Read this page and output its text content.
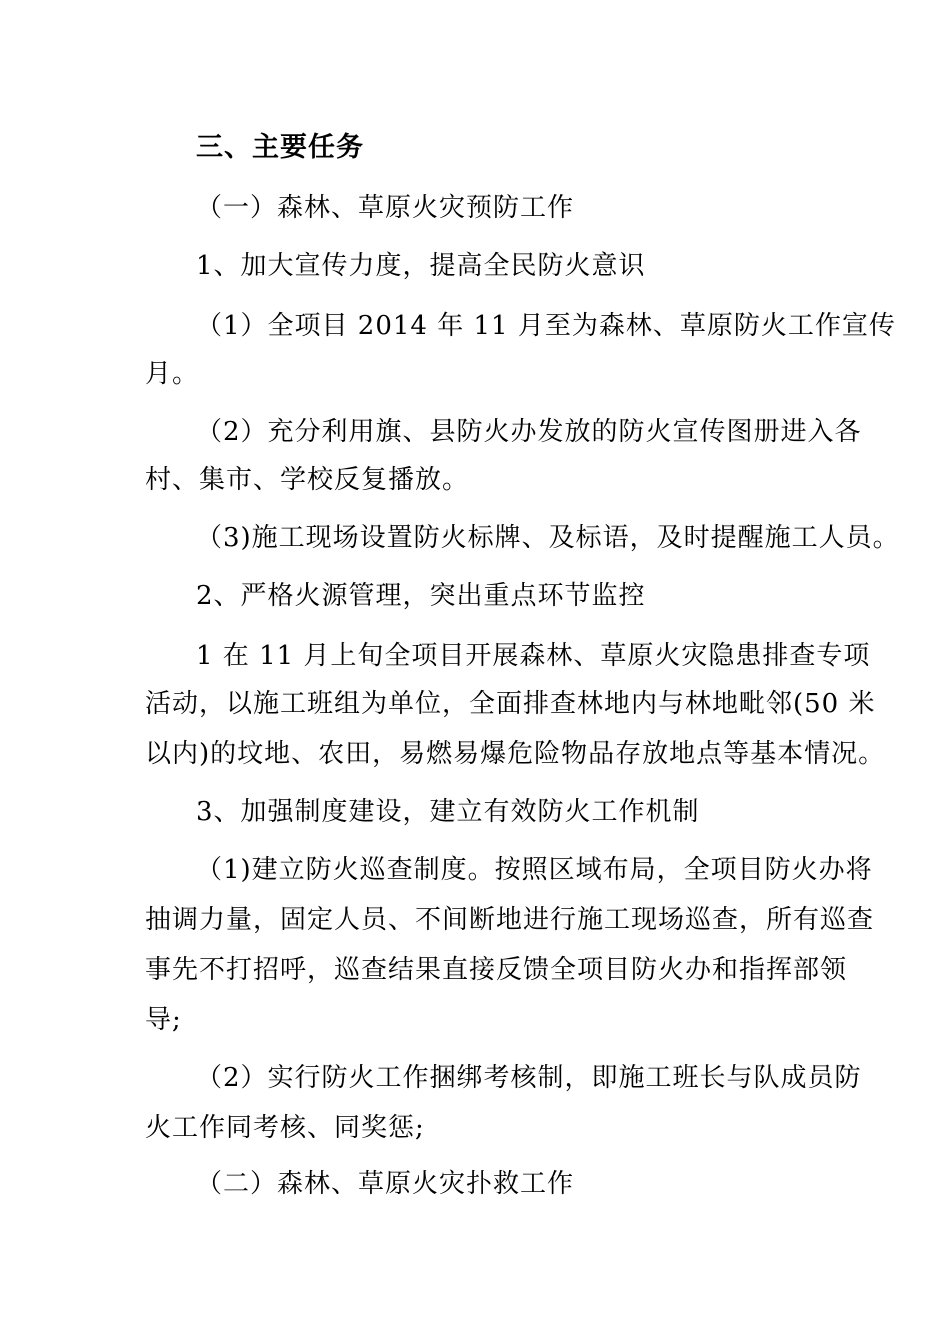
三、主要任务
（一）森林、草原火灾预防工作
1、加大宣传力度，提高全民防火意识
（1）全项目 2014 年 11 月至为森林、草原防火工作宣传
月。
（2）充分利用旗、县防火办发放的防火宣传图册进入各
村、集市、学校反复播放。
（3)施工现场设置防火标牌、及标语，及时提醒施工人员。
2、严格火源管理，突出重点环节监控
1 在 11 月上旬全项目开展森林、草原火灾隐患排查专项
活动，以施工班组为单位，全面排查林地内与林地毗邻(50 米
以内)的坟地、农田，易燃易爆危险物品存放地点等基本情况。
3、加强制度建设，建立有效防火工作机制
（1)建立防火巡查制度。按照区域布局，全项目防火办将
抽调力量，固定人员、不间断地进行施工现场巡查，所有巡查
事先不打招呼，巡查结果直接反馈全项目防火办和指挥部领
导;
（2）实行防火工作捆绑考核制，即施工班长与队成员防
火工作同考核、同奖惩;
（二）森林、草原火灾扑救工作
